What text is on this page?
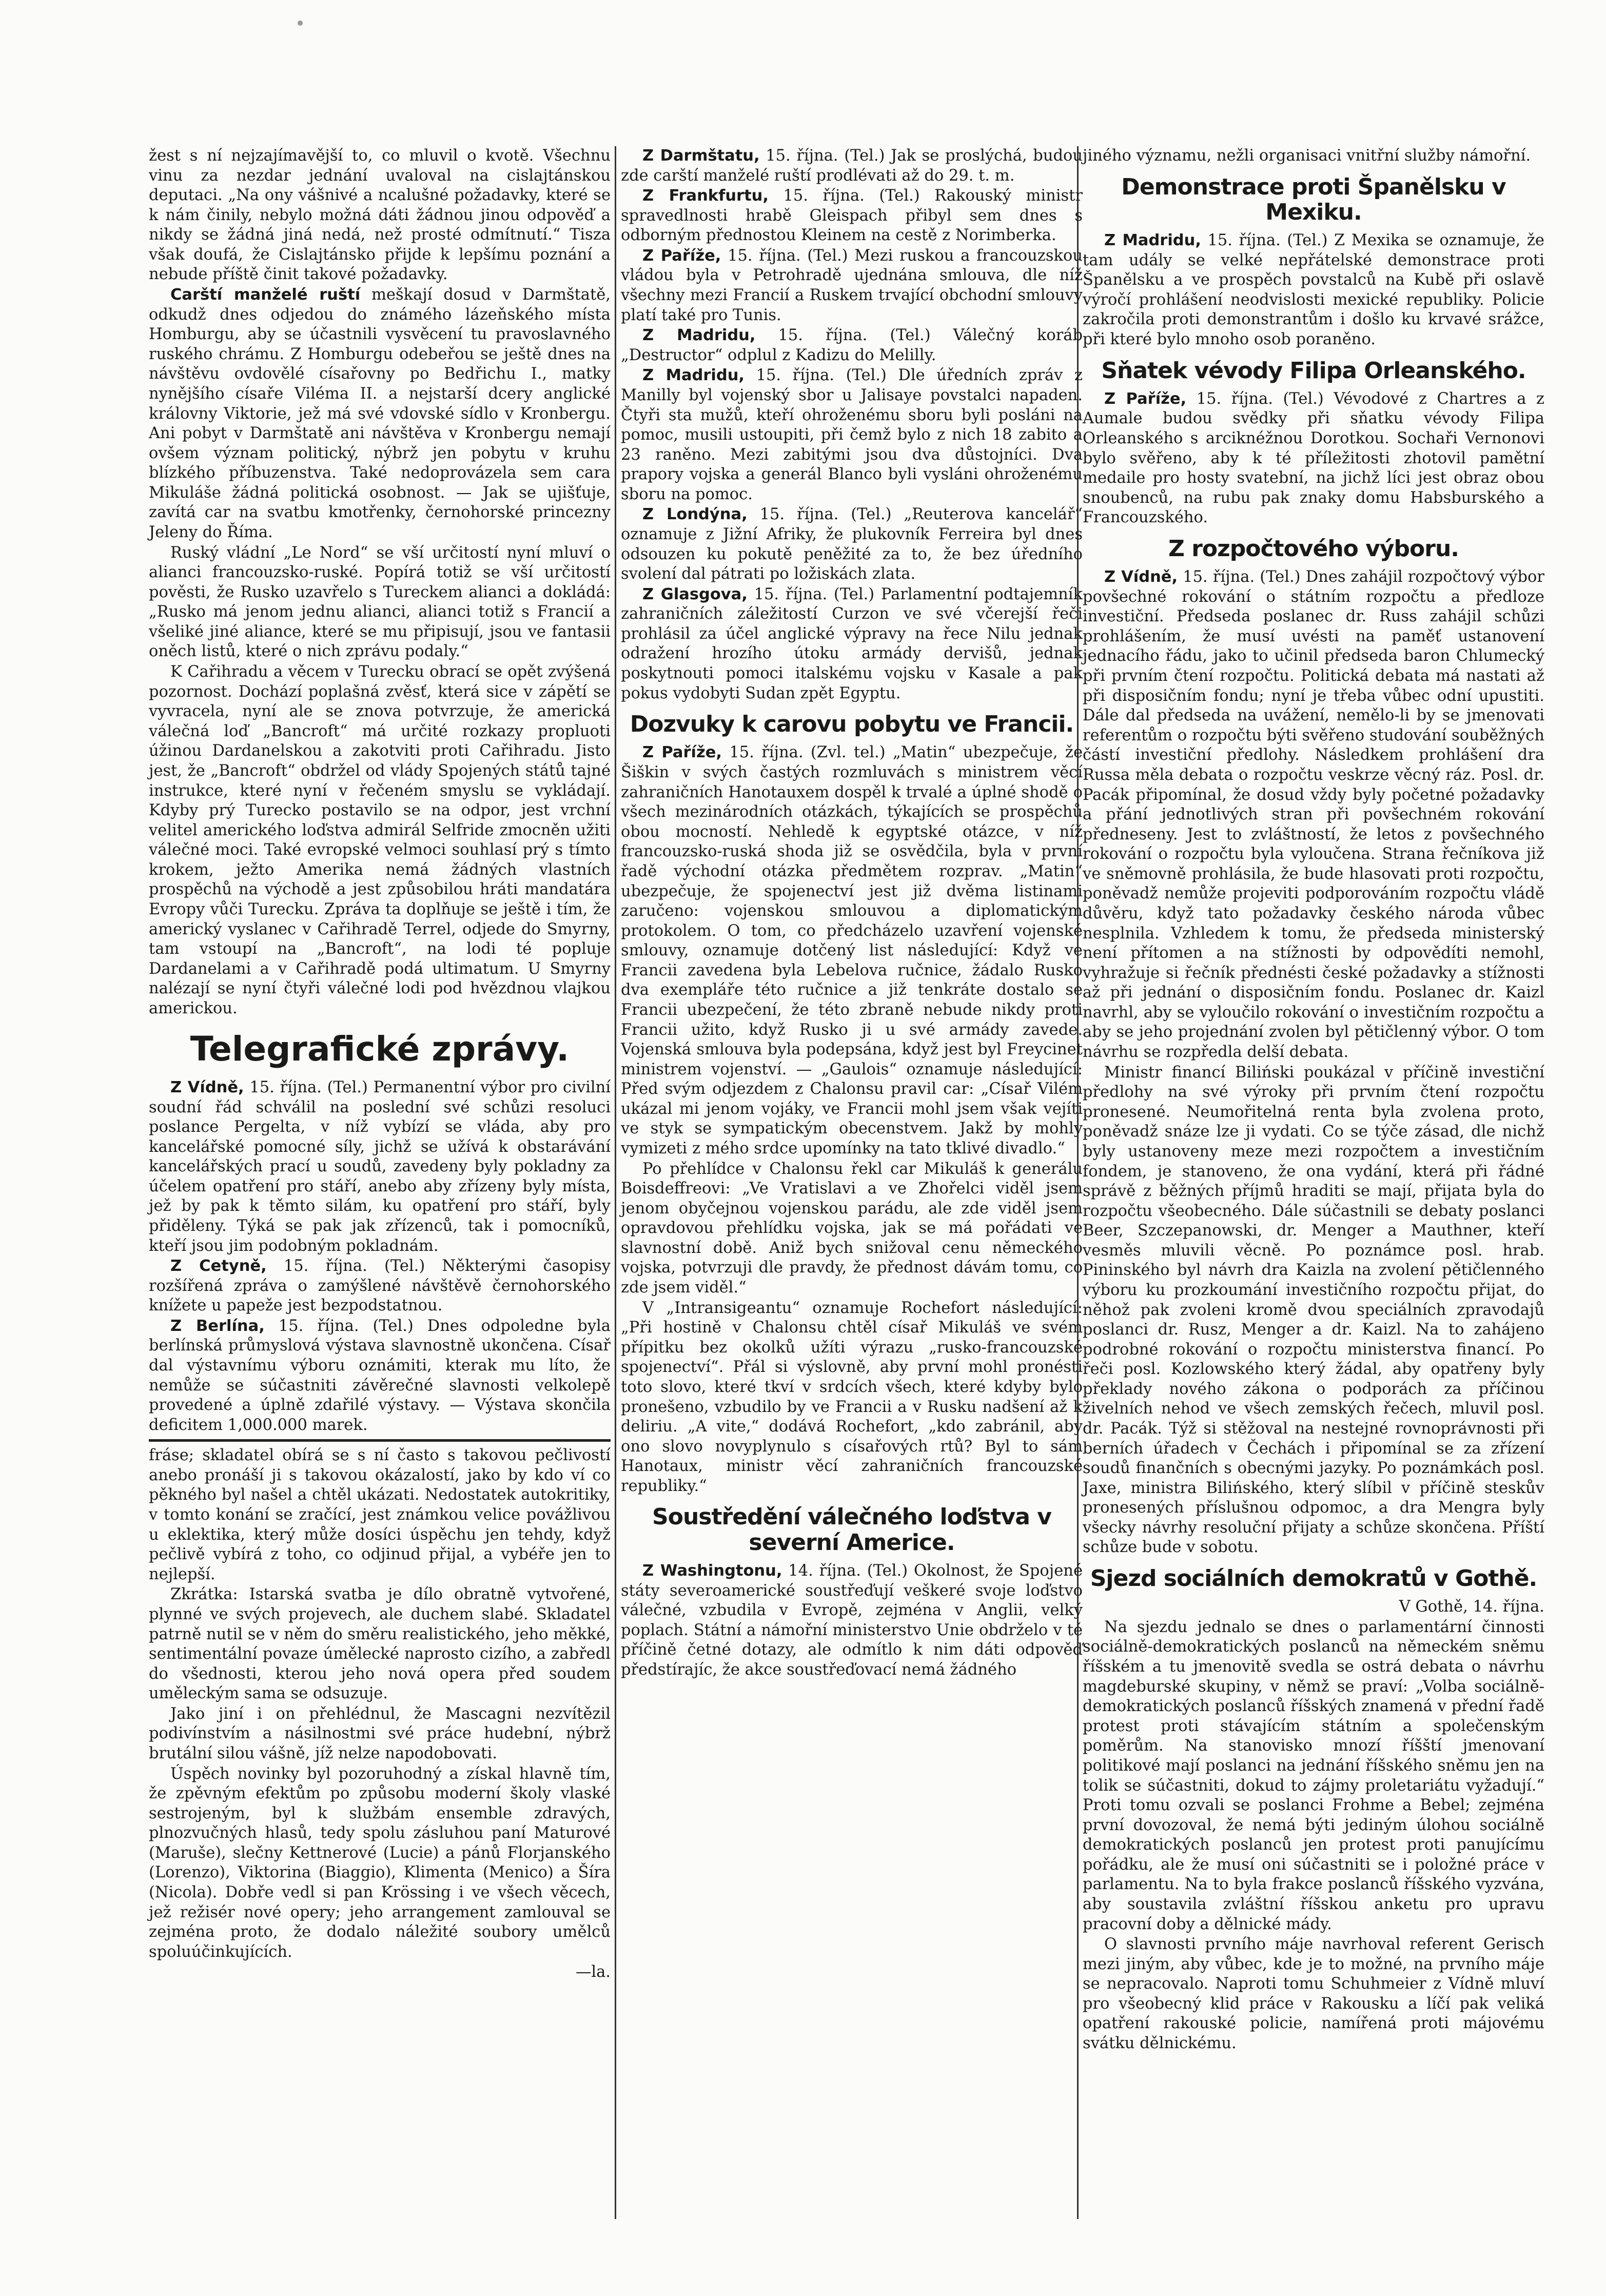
žest s ní nejzajímavější to, co mluvil o kvotě. Všechnu vinu za nezdar jednání uvaloval na cislajtánskou deputaci. „Na ony vášnivé a ncalušné požadavky, které se k nám činily, nebylo možná dáti žádnou jinou odpověď a nikdy se žádná jiná nedá, než prosté odmítnutí.“ Tisza však doufá, že Cislajtánsko přijde k lepšímu poznání a nebude příště činit takové požadavky.

Carští manželé ruští meškají dosud v Darmštatě, odkudž dnes odjedou do známého lázeňského místa Homburgu, aby se účastnili vysvěcení tu pravoslavného ruského chrámu. Z Homburgu odebeřou se ještě dnes na návštěvu ovdovělé císařovny po Bedřichu I., matky nynějšího císaře Viléma II. a nejstarší dcery anglické královny Viktorie, jež má své vdovské sídlo v Kronbergu. Ani pobyt v Darmštatě ani návštěva v Kronbergu nemají ovšem význam politický, nýbrž jen pobytu v kruhu blízkého příbuzenstva. Také nedoprovázela sem cara Mikuláše žádná politická osobnost. — Jak se ujišťuje, zavítá car na svatbu kmotřenky, černohorské princezny Jeleny do Říma.

Ruský vládní „Le Nord“ se vší určitostí nyní mluví o alianci francouzsko-ruské. Popírá totiž se vší určitostí pověsti, že Rusko uzavřelo s Tureckem alianci a dokládá: „Rusko má jenom jednu alianci, alianci totiž s Francií a všeliké jiné aliance, které se mu připisují, jsou ve fantasii oněch listů, které o nich zprávu podaly.“

K Cařihradu a věcem v Turecku obrací se opět zvýšená pozornost. Dochází poplašná zvěsť, která sice v zápětí se vyvracela, nyní ale se znova potvrzuje, že americká válečná loď „Bancroft“ má určité rozkazy propluoti úžinou Dardanelskou a zakotviti proti Cařihradu. Jisto jest, že „Bancroft“ obdržel od vlády Spojených států tajné instrukce, které nyní v řečeném smyslu se vykládají. Kdyby prý Turecko postavilo se na odpor, jest vrchní velitel amerického loďstva admirál Selfride zmocněn užiti válečné moci. Také evropské velmoci souhlasí prý s tímto krokem, ježto Amerika nemá žádných vlastních prospěchů na východě a jest způsobilou hráti mandatára Evropy vůči Turecku. Zpráva ta doplňuje se ještě i tím, že americký vyslanec v Cařihradě Terrel, odjede do Smyrny, tam vstoupí na „Bancroft“, na lodi té popluje Dardanelami a v Cařihradě podá ultimatum. U Smyrny nalézají se nyní čtyři válečné lodi pod hvězdnou vlajkou americkou.

Telegrafické zprávy.

Z Vídně, 15. října. (Tel.) Permanentní výbor pro civilní soudní řád schválil na poslední své schůzi resoluci poslance Pergelta, v níž vybízí se vláda, aby pro kancelářské pomocné síly, jichž se užívá k obstarávání kancelářských prací u soudů, zavedeny byly pokladny za účelem opatření pro stáří, anebo aby zřízeny byly místa, jež by pak k těmto silám, ku opatření pro stáří, byly přiděleny. Týká se pak jak zřízenců, tak i pomocníků, kteří jsou jim podobným pokladnám.

Z Cetyně, 15. října. (Tel.) Některými časopisy rozšířená zpráva o zamýšlené návštěvě černohorského knížete u papeže jest bezpodstatnou.

Z Berlína, 15. října. (Tel.) Dnes odpoledne byla berlínská průmyslová výstava slavnostně ukončena. Císař dal výstavnímu výboru oznámiti, kterak mu líto, že nemůže se súčastniti závěrečné slavnosti velkolepě provedené a úplně zdařilé výstavy. — Výstava skončila deficitem 1,000.000 marek.

fráse; skladatel obírá se s ní často s takovou pečlivostí anebo pronáší ji s takovou okázalostí, jako by kdo ví co pěkného byl našel a chtěl ukázati. Nedostatek autokritiky, v tomto konání se zračící, jest známkou velice povážlivou u eklektika, který může dosíci úspěchu jen tehdy, když pečlivě vybírá z toho, co odjinud přijal, a vybéře jen to nejlepší.

Zkrátka: Istarská svatba je dílo obratně vytvořené, plynné ve svých projevech, ale duchem slabé. Skladatel patrně nutil se v něm do směru realistického, jeho měkké, sentimentální povaze úmělecké naprosto cizího, a zabředl do všednosti, kterou jeho nová opera před soudem uměleckým sama se odsuzuje.

Jako jiní i on přehlédnul, že Mascagni nezvítězil podivínstvím a násilnostmi své práce hudební, nýbrž brutální silou vášně, jíž nelze napodobovati.

Úspěch novinky byl pozoruhodný a získal hlavně tím, že zpěvným efektům po způsobu moderní školy vlaské sestrojeným, byl k službám ensemble zdravých, plnozvučných hlasů, tedy spolu zásluhou paní Maturové (Maruše), slečny Kettnerové (Lucie) a pánů Florjanského (Lorenzo), Viktorina (Biaggio), Klimenta (Menico) a Šíra (Nicola). Dobře vedl si pan Krössing i ve všech věcech, jež režisér nové opery; jeho arrangement zamlouval se zejména proto, že dodalo náležité soubory umělců spoluúčinkujících.

—la.

Z Darmštatu, 15. října. (Tel.) Jak se proslýchá, budou zde carští manželé ruští prodlévati až do 29. t. m.

Z Frankfurtu, 15. října. (Tel.) Rakouský ministr spravedlnosti hrabě Gleispach přibyl sem dnes s odborným přednostou Kleinem na cestě z Norimberka.

Z Paříže, 15. října. (Tel.) Mezi ruskou a francouzskou vládou byla v Petrohradě ujednána smlouva, dle níž všechny mezi Francií a Ruskem trvající obchodní smlouvy platí také pro Tunis.

Z Madridu, 15. října. (Tel.) Válečný koráb „Destructor“ odplul z Kadizu do Melilly.

Z Madridu, 15. října. (Tel.) Dle úředních zpráv z Manilly byl vojenský sbor u Jalisaye povstalci napaden. Čtyři sta mužů, kteří ohroženému sboru byli posláni na pomoc, musili ustoupiti, při čemž bylo z nich 18 zabito a 23 raněno. Mezi zabitými jsou dva důstojníci. Dva prapory vojska a generál Blanco byli vysláni ohroženému sboru na pomoc.

Z Londýna, 15. října. (Tel.) „Reuterova kancelář“ oznamuje z Jižní Afriky, že plukovník Ferreira byl dnes odsouzen ku pokutě peněžité za to, že bez úředního svolení dal pátrati po ložiskách zlata.

Z Glasgova, 15. října. (Tel.) Parlamentní podtajemník zahraničních záležitostí Curzon ve své včerejší řeči prohlásil za účel anglické výpravy na řece Nilu jednak odražení hrozího útoku armády dervišů, jednak poskytnouti pomoci italskému vojsku v Kasale a pak pokus vydobyti Sudan zpět Egyptu.

Dozvuky k carovu pobytu ve Francii.

Z Paříže, 15. října. (Zvl. tel.) „Matin“ ubezpečuje, že Šiškin v svých častých rozmluvách s ministrem věcí zahraničních Hanotauxem dospěl k trvalé a úplné shodě o všech mezinárodních otázkách, týkajících se prospěchů obou mocností. Nehledě k egyptské otázce, v níž francouzsko-ruská shoda již se osvědčila, byla v první řadě východní otázka předmětem rozprav. „Matin“ ubezpečuje, že spojenectví jest již dvěma listinami zaručeno: vojenskou smlouvou a diplomatickým protokolem. O tom, co předcházelo uzavření vojenské smlouvy, oznamuje dotčený list následující: Když ve Francii zavedena byla Lebelova ručnice, žádalo Rusko dva exempláře této ručnice a již tenkráte dostalo se Francii ubezpečení, že této zbraně nebude nikdy proti Francii užito, když Rusko ji u své armády zavede. Vojenská smlouva byla podepsána, když jest byl Freycinet ministrem vojenství. — „Gaulois“ oznamuje následující: Před svým odjezdem z Chalonsu pravil car: „Císař Vilém ukázal mi jenom vojáky, ve Francii mohl jsem však vejíti ve styk se sympatickým obecenstvem. Jakž by mohly vymizeti z mého srdce upomínky na tato tklivé divadlo.“

Po přehlídce v Chalonsu řekl car Mikuláš k generálu Boisdeffreovi: „Ve Vratislavi a ve Zhořelci viděl jsem jenom obyčejnou vojenskou parádu, ale zde viděl jsem opravdovou přehlídku vojska, jak se má pořádati ve slavnostní době. Aniž bych snižoval cenu německého vojska, potvrzuji dle pravdy, že přednost dávám tomu, co zde jsem viděl.“

V „Intransigeantu“ oznamuje Rochefort následující: „Při hostině v Chalonsu chtěl císař Mikuláš ve svém přípitku bez okolků užíti výrazu „rusko-francouzské spojenectví“. Přál si výslovně, aby první mohl pronésti toto slovo, které tkví v srdcích všech, které kdyby bylo pronešeno, vzbudilo by ve Francii a v Rusku nadšení až k deliriu. „A vite,“ dodává Rochefort, „kdo zabránil, aby ono slovo novyplynulo s císařových rtů? Byl to sám Hanotaux, ministr věcí zahraničních francouzské republiky.“

Soustředění válečného loďstva v severní Americe.

Z Washingtonu, 14. října. (Tel.) Okolnost, že Spojené státy severoamerické soustřeďují veškeré svoje loďstvo válečné, vzbudila v Evropě, zejména v Anglii, velký poplach. Státní a námořní ministerstvo Unie obdrželo v té příčině četné dotazy, ale odmítlo k nim dáti odpověď předstírajíc, že akce soustřeďovací nemá žádného

jiného významu, nežli organisaci vnitřní služby námořní.

Demonstrace proti Španělsku v Mexiku.

Z Madridu, 15. října. (Tel.) Z Mexika se oznamuje, že tam udály se velké nepřátelské demonstrace proti Španělsku a ve prospěch povstalců na Kubě při oslavě výročí prohlášení neodvislosti mexické republiky. Policie zakročila proti demonstrantům i došlo ku krvavé srážce, při které bylo mnoho osob poraněno.

Sňatek vévody Filipa Orleanského.

Z Paříže, 15. října. (Tel.) Vévodové z Chartres a z Aumale budou svědky při sňatku vévody Filipa Orleanského s arciknéžnou Dorotkou. Sochaři Vernonovi bylo svěřeno, aby k té příležitosti zhotovil pamětní medaile pro hosty svatební, na jichž líci jest obraz obou snoubenců, na rubu pak znaky domu Habsburského a Francouzského.

Z rozpočtového výboru.

Z Vídně, 15. října. (Tel.) Dnes zahájil rozpočtový výbor povšechné rokování o státním rozpočtu a předloze investiční. Předseda poslanec dr. Russ zahájil schůzi prohlášením, že musí uvésti na paměť ustanovení jednacího řádu, jako to učinil předseda baron Chlumecký při prvním čtení rozpočtu. Politická debata má nastati až při disposičním fondu; nyní je třeba vůbec odní upustiti. Dále dal předseda na uvážení, nemělo-li by se jmenovati referentům o rozpočtu býti svěřeno studování souběžných částí investiční předlohy. Následkem prohlášení dra Russa měla debata o rozpočtu veskrze věcný ráz. Posl. dr. Pacák připomínal, že dosud vždy byly početné požadavky a přání jednotlivých stran při povšechném rokování předneseny. Jest to zvláštností, že letos z povšechného rokování o rozpočtu byla vyloučena. Strana řečníkova již ve sněmovně prohlásila, že bude hlasovati proti rozpočtu, poněvadž nemůže projeviti podporováním rozpočtu vládě důvěru, když tato požadavky českého národa vůbec nesplnila. Vzhledem k tomu, že předseda ministerský není přítomen a na stížnosti by odpovědíti nemohl, vyhražuje si řečník přednésti české požadavky a stížnosti až při jednání o disposičním fondu. Poslanec dr. Kaizl navrhl, aby se vyloučilo rokování o investičním rozpočtu a aby se jeho projednání zvolen byl pětičlenný výbor. O tom návrhu se rozpředla delší debata.

Ministr financí Biliński poukázal v příčině investiční předlohy na své výroky při prvním čtení rozpočtu pronesené. Neumořitelná renta byla zvolena proto, poněvadž snáze lze ji vydati. Co se týče zásad, dle nichž byly ustanoveny meze mezi rozpočtem a investičním fondem, je stanoveno, že ona vydání, která při řádné správě z běžných příjmů hraditi se mají, přijata byla do rozpočtu všeobecného. Dále súčastnili se debaty poslanci Beer, Szczepanowski, dr. Menger a Mauthner, kteří vesměs mluvili věcně. Po poznámce posl. hrab. Pininského byl návrh dra Kaizla na zvolení pětičlenného výboru ku prozkoumání investičního rozpočtu přijat, do něhož pak zvoleni kromě dvou speciálních zpravodajů poslanci dr. Rusz, Menger a dr. Kaizl. Na to zahájeno podrobné rokování o rozpočtu ministerstva financí. Po řeči posl. Kozlowského který žádal, aby opatřeny byly překlady nového zákona o podporách za příčinou živelních nehod ve všech zemských řečech, mluvil posl. dr. Pacák. Týž si stěžoval na nestejné rovnoprávnosti při berních úřadech v Čechách i připomínal se za zřízení soudů finančních s obecnými jazyky. Po poznámkách posl. Jaxe, ministra Bilińského, který slíbil v příčině steskův pronesených příslušnou odpomoc, a dra Mengra byly všecky návrhy resoluční přijaty a schůze skončena. Příští schůze bude v sobotu.

Sjezd sociálních demokratů v Gothě.

V Gothě, 14. října.

Na sjezdu jednalo se dnes o parlamentární činnosti sociálně-demokratických poslanců na německém sněmu říšském a tu jmenovitě svedla se ostrá debata o návrhu magdeburské skupiny, v němž se praví: „Volba sociálně-demokratických poslanců říšských znamená v přední řadě protest proti stávajícím státním a společenským poměrům. Na stanovisko mnozí říšští jmenovaní politikové mají poslanci na jednání říšského sněmu jen na tolik se súčastniti, dokud to zájmy proletariátu vyžadují.“ Proti tomu ozvali se poslanci Frohme a Bebel; zejména první dovozoval, že nemá býti jediným úlohou sociálně demokratických poslanců jen protest proti panujícímu pořádku, ale že musí oni súčastniti se i položné práce v parlamentu. Na to byla frakce poslanců říšského vyzvána, aby soustavila zvláštní říšskou anketu pro upravu pracovní doby a dělnické mády.

O slavnosti prvního máje navrhoval referent Gerisch mezi jiným, aby vůbec, kde je to možné, na prvního máje se nepracovalo. Naproti tomu Schuhmeier z Vídně mluví pro všeobecný klid práce v Rakousku a líčí pak veliká opatření rakouské policie, namířená proti májovému svátku dělnickému.
